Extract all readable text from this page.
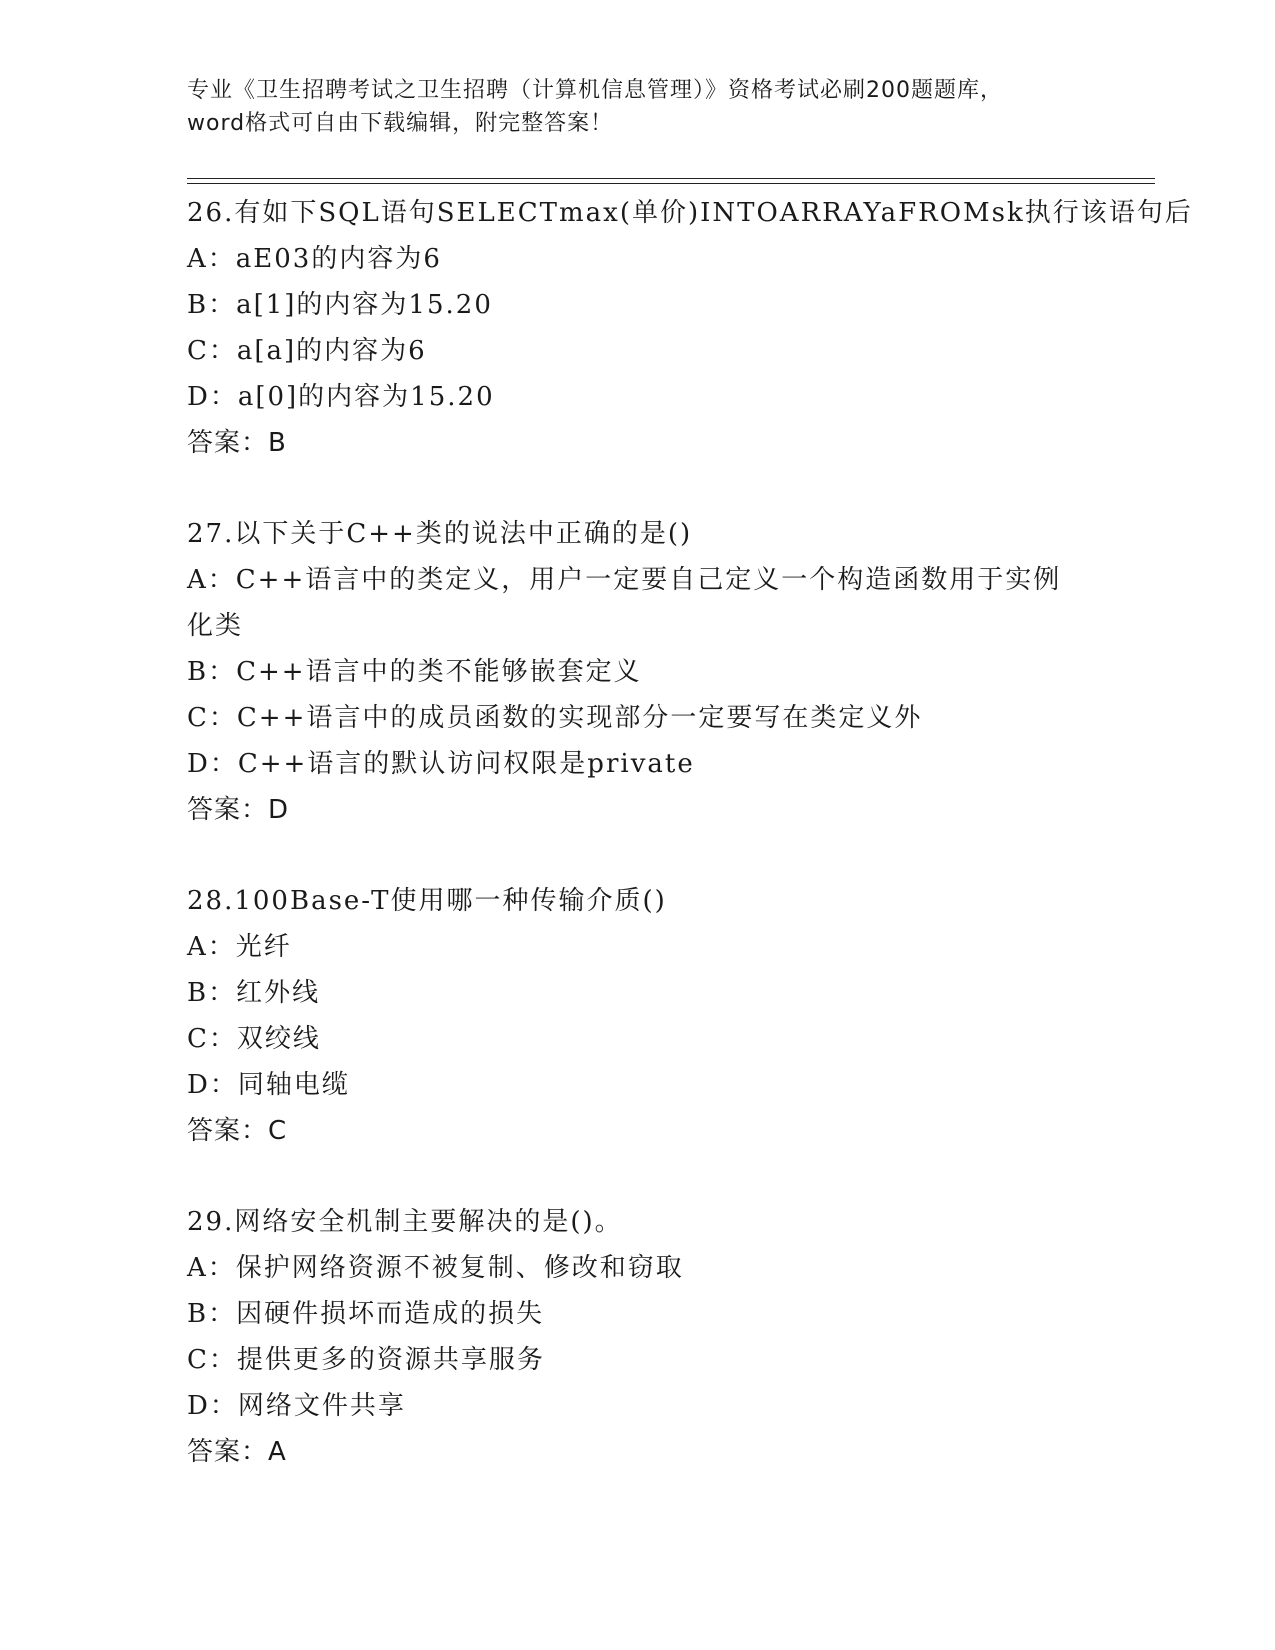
专业《卫生招聘考试之卫生招聘（计算机信息管理）》资格考试必刷200题题库，
word格式可自由下载编辑，附完整答案！
26.有如下SQL语句SELECTmax(单价)INTOARRAYaFROMsk执行该语句后
A：aE03的内容为6
B：a[1]的内容为15.20
C：a[a]的内容为6
D：a[0]的内容为15.20
答案：B
27.以下关于C++类的说法中正确的是()
A：C++语言中的类定义，用户一定要自己定义一个构造函数用于实例化类
B：C++语言中的类不能够嵌套定义
C：C++语言中的成员函数的实现部分一定要写在类定义外
D：C++语言的默认访问权限是private
答案：D
28.100Base-T使用哪一种传输介质()
A：光纤
B：红外线
C：双绞线
D：同轴电缆
答案：C
29.网络安全机制主要解决的是()。
A：保护网络资源不被复制、修改和窃取
B：因硬件损坏而造成的损失
C：提供更多的资源共享服务
D：网络文件共享
答案：A
